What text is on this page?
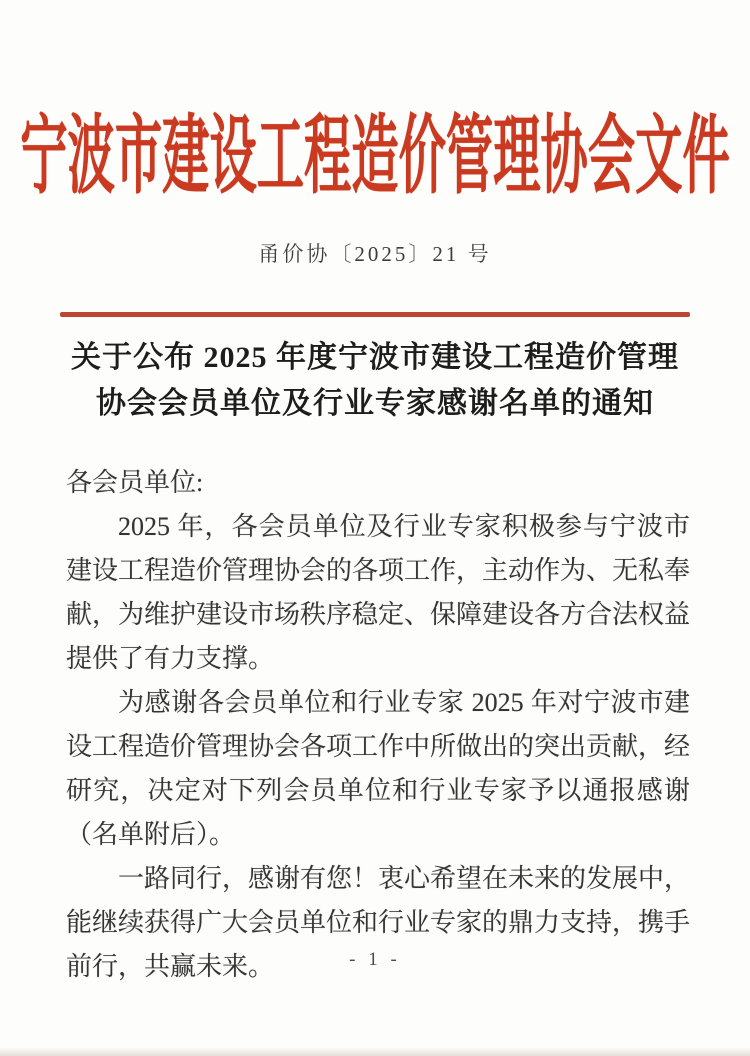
宁波市建设工程造价管理协会文件
甬价协〔2025〕21 号
关于公布 2025 年度宁波市建设工程造价管理
协会会员单位及行业专家感谢名单的通知

各会员单位:

2025 年，各会员单位及行业专家积极参与宁波市建设工程造价管理协会的各项工作，主动作为、无私奉献，为维护建设市场秩序稳定、保障建设各方合法权益提供了有力支撑。

为感谢各会员单位和行业专家 2025 年对宁波市建设工程造价管理协会各项工作中所做出的突出贡献，经研究，决定对下列会员单位和行业专家予以通报感谢（名单附后）。

一路同行，感谢有您！衷心希望在未来的发展中，能继续获得广大会员单位和行业专家的鼎力支持，携手前行，共赢未来。	- 1 -
